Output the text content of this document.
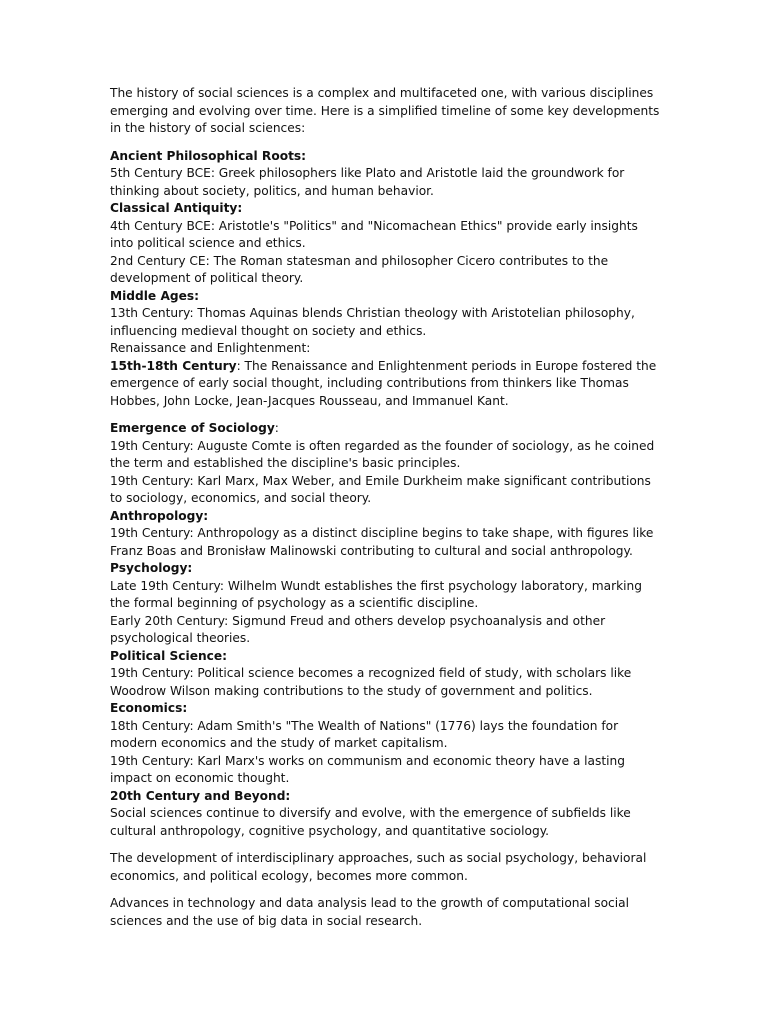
The history of social sciences is a complex and multifaceted one, with various disciplines emerging and evolving over time. Here is a simplified timeline of some key developments in the history of social sciences:

Ancient Philosophical Roots:

5th Century BCE: Greek philosophers like Plato and Aristotle laid the groundwork for thinking about society, politics, and human behavior.

Classical Antiquity:

4th Century BCE: Aristotle's "Politics" and "Nicomachean Ethics" provide early insights into political science and ethics.

2nd Century CE: The Roman statesman and philosopher Cicero contributes to the development of political theory.

Middle Ages:

13th Century: Thomas Aquinas blends Christian theology with Aristotelian philosophy, influencing medieval thought on society and ethics.

Renaissance and Enlightenment:

15th-18th Century: The Renaissance and Enlightenment periods in Europe fostered the emergence of early social thought, including contributions from thinkers like Thomas Hobbes, John Locke, Jean-Jacques Rousseau, and Immanuel Kant.

Emergence of Sociology:

19th Century: Auguste Comte is often regarded as the founder of sociology, as he coined the term and established the discipline's basic principles.

19th Century: Karl Marx, Max Weber, and Emile Durkheim make significant contributions to sociology, economics, and social theory.

Anthropology:

19th Century: Anthropology as a distinct discipline begins to take shape, with figures like Franz Boas and Bronisław Malinowski contributing to cultural and social anthropology.

Psychology:

Late 19th Century: Wilhelm Wundt establishes the first psychology laboratory, marking the formal beginning of psychology as a scientific discipline.

Early 20th Century: Sigmund Freud and others develop psychoanalysis and other psychological theories.

Political Science:

19th Century: Political science becomes a recognized field of study, with scholars like Woodrow Wilson making contributions to the study of government and politics.

Economics:

18th Century: Adam Smith's "The Wealth of Nations" (1776) lays the foundation for modern economics and the study of market capitalism.

19th Century: Karl Marx's works on communism and economic theory have a lasting impact on economic thought.

20th Century and Beyond:

Social sciences continue to diversify and evolve, with the emergence of subfields like cultural anthropology, cognitive psychology, and quantitative sociology.

The development of interdisciplinary approaches, such as social psychology, behavioral economics, and political ecology, becomes more common.

Advances in technology and data analysis lead to the growth of computational social sciences and the use of big data in social research.
